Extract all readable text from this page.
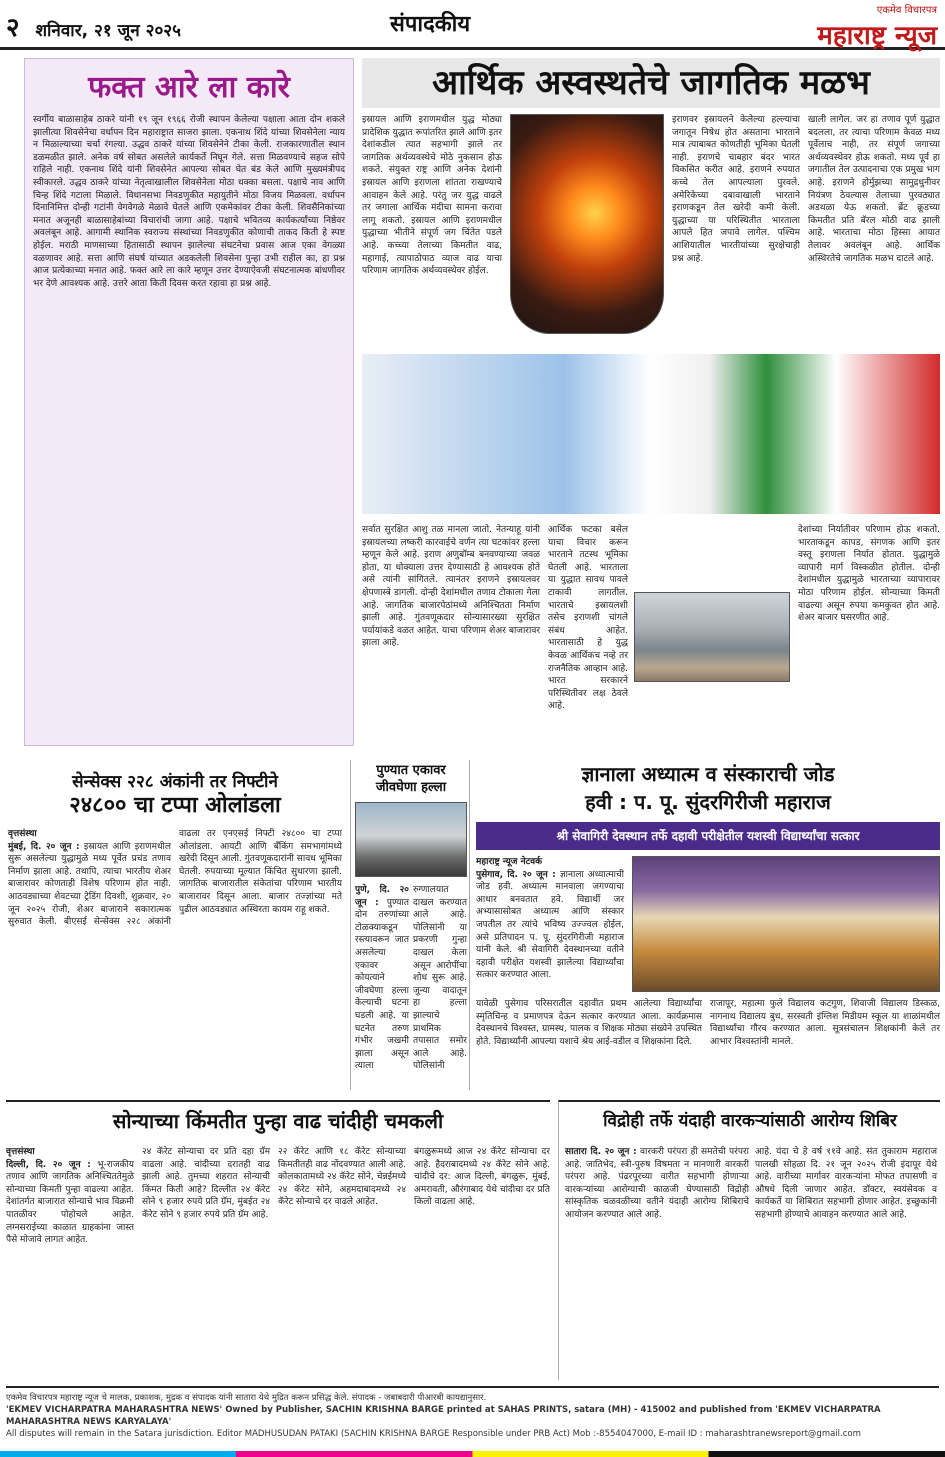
२ शनिवार, २१ जून २०२५	संपादकीय
एकमेव विचारपत्र
महाराष्ट्र न्यूज
फक्त आरे ला कारे
स्वर्गीय बाळासाहेब ठाकरे यांनी १९ जून १९६६ रोजी स्थापन केलेल्या पक्षाला आता दोन शकले झालीत्या शिवसेनेचा वर्धापन दिन महाराष्ट्रात साजरा झाला. एकनाथ शिंदे यांच्या शिवसेनेला न्याय न मिळाल्याच्या चर्चा रंगल्या. उद्धव ठाकरे यांच्या शिवसेनेने टीका केली. राजकारणातील स्थान डळमळीत झाले. अनेक वर्ष सोबत असलेले कार्यकर्ते निघून गेले. सत्ता मिळवण्याचे सहज सोपे राहिले नाही. एकनाथ शिंदे यांनी शिवसेनेत आपल्या सोबत घेत बंड केले आणि मुख्यमंत्रीपद स्वीकारले. उद्धव ठाकरे यांच्या नेतृत्वाखालील शिवसेनेला मोठा धक्का बसला. पक्षाचे नाव आणि चिन्ह शिंदे गटाला मिळाले. विधानसभा निवडणुकीत महायुतीने मोठा विजय मिळवला. वर्धापन दिनानिमित्त दोन्ही गटांनी वेगवेगळे मेळावे घेतले आणि एकमेकांवर टीका केली. शिवसैनिकांच्या मनात अजूनही बाळासाहेबांच्या विचारांची जागा आहे. पक्षाचे भवितव्य कार्यकर्त्यांच्या निष्ठेवर अवलंबून आहे. आगामी स्थानिक स्वराज्य संस्थांच्या निवडणुकीत कोणाची ताकद किती हे स्पष्ट होईल. मराठी माणसाच्या हितासाठी स्थापन झालेल्या संघटनेचा प्रवास आज एका वेगळ्या वळणावर आहे. सत्ता आणि संघर्ष यांच्यात अडकलेली शिवसेना पुन्हा उभी राहील का, हा प्रश्न आज प्रत्येकाच्या मनात आहे. फक्त आरे ला कारे म्हणून उत्तर देण्याऐवजी संघटनात्मक बांधणीवर भर देणे आवश्यक आहे. उत्तरे आता किती दिवस करत रहावा हा प्रश्न आहे.
आर्थिक अस्वस्थतेचे जागतिक मळभ
इस्रायल आणि इराणमधील युद्ध मोठ्या प्रादेशिक युद्धात रूपांतरित झाले आणि इतर देशांकडील त्यात सहभागी झाले तर जागतिक अर्थव्यवस्थेचे मोठे नुकसान होऊ शकते. संयुक्त राष्ट्र आणि अनेक देशांनी इस्रायल आणि इराणला शांतता राखण्याचे आवाहन केले आहे. परंतु जर युद्ध वाढले तर जगाला आर्थिक मंदीचा सामना करावा लागू शकतो. इस्रायल आणि इराणमधील युद्धाच्या भीतीने संपूर्ण जग चिंतेत पडले आहे. कच्च्या तेलाच्या किमतीत वाढ, महागाई, त्यापाठोपाठ व्याज वाढ याचा परिणाम जागतिक अर्थव्यवस्थेवर होईल.
इराणवर इस्रायलने केलेल्या हल्ल्याचा जगातून निषेध होत असताना भारताने मात्र त्याबाबत कोणतीही भूमिका घेतली नाही. इराणचे चाबहार बंदर भारत विकसित करीत आहे. इराणने रुपयात कच्चे तेल आपल्याला पुरवले. अमेरिकेच्या दबावाखाली भारताने इराणकडून तेल खरेदी कमी केली. युद्धाच्या या परिस्थितीत भारताला आपले हित जपावे लागेल. पश्चिम आशियातील भारतीयांच्या सुरक्षेचाही प्रश्न आहे.
खाली लागेल. जर हा तणाव पूर्ण युद्धात बदलला, तर त्याचा परिणाम केवळ मध्य पूर्वेलाच नाही, तर संपूर्ण जगाच्या अर्थव्यवस्थेवर होऊ शकतो. मध्य पूर्व हा जगातील तेल उत्पादनाचा एक प्रमुख भाग आहे. इराणने होर्मुझच्या सामुद्रधुनीवर नियंत्रण ठेवल्यास तेलाच्या पुरवठ्यात अडथळा येऊ शकतो. ब्रेंट क्रूडच्या किमतीत प्रति बॅरल मोठी वाढ झाली आहे. भारताचा मोठा हिस्सा आयात तेलावर अवलंबून आहे. आर्थिक अस्थिरतेचे जागतिक मळभ दाटले आहे.
सर्वात सुरक्षित आशु तळ मानला जातो. नेतन्याहू यांनी इस्रायलच्या लष्करी कारवाईचे वर्णन त्या घटकांवर हल्ला म्हणून केले आहे. इराण अणुबॉम्ब बनवण्याच्या जवळ होता, या धोक्याला उत्तर देण्यासाठी हे आवश्यक होते असे त्यांनी सांगितले. त्यानंतर इराणने इस्रायलवर क्षेपणास्त्रे डागली. दोन्ही देशांमधील तणाव टोकाला गेला आहे. जागतिक बाजारपेठांमध्ये अनिश्चितता निर्माण झाली आहे. गुंतवणूकदार सोन्यासारख्या सुरक्षित पर्यायांकडे वळत आहेत. याचा परिणाम शेअर बाजारावर झाला आहे.
आर्थिक फटका बसेल याचा विचार करून भारताने तटस्थ भूमिका घेतली आहे. भारताला या युद्धात सावध पावले टाकावी लागतील. भारताचे इस्रायलशी तसेच इराणशी चांगले संबंध आहेत. भारतासाठी हे युद्ध केवळ आर्थिकच नव्हे तर राजनैतिक आव्हान आहे. भारत सरकारने परिस्थितीवर लक्ष ठेवले आहे.
देशांच्या निर्यातीवर परिणाम होऊ शकतो. भारताकडून कापड, संगणक आणि इतर वस्तू इराणला निर्यात होतात. युद्धामुळे व्यापारी मार्ग विस्कळीत होतील. दोन्ही देशांमधील युद्धामुळे भारताच्या व्यापारावर मोठा परिणाम होईल. सोन्याच्या किमती वाढल्या असून रुपया कमकुवत होत आहे. शेअर बाजार घसरणीत आहे.
सेन्सेक्स २२८ अंकांनी तर निफ्टीने
२४८०० चा टप्पा ओलांडला
वृत्तसंस्था
मुंबई, दि. २० जून : इस्रायल आणि इराणमधील सुरू असलेल्या युद्धामुळे मध्य पूर्वेत प्रचंड तणाव निर्माण झाला आहे. तथापि, त्याचा भारतीय शेअर बाजारावर कोणताही विशेष परिणाम होत नाही. आठवड्याच्या शेवटच्या ट्रेडिंग दिवशी, शुक्रवार, २० जून २०२५ रोजी, शेअर बाजाराने सकारात्मक सुरुवात केली. बीएसई सेन्सेक्स २२८ अंकांनी वाढला तर एनएसई निफ्टी २४८०० चा टप्पा ओलांडला. आयटी आणि बँकिंग समभागांमध्ये खरेदी दिसून आली. गुंतवणूकदारांनी सावध भूमिका घेतली. रुपयाच्या मूल्यात किंचित सुधारणा झाली. जागतिक बाजारातील संकेतांचा परिणाम भारतीय बाजारावर दिसून आला. बाजार तज्ज्ञांच्या मते पुढील आठवड्यात अस्थिरता कायम राहू शकते.
पुण्यात एकावर
जीवघेणा हल्ला
पुणे, दि. २० जून : पुण्यात दोन तरुणांच्या टोळक्याकडून रस्त्यावरून जात असलेल्या एकावर कोयत्याने जीवघेणा हल्ला केल्याची घटना घडली आहे. या घटनेत तरुण गंभीर जखमी झाला असून त्याला रुग्णालयात दाखल करण्यात आले आहे. पोलिसांनी या प्रकरणी गुन्हा दाखल केला असून आरोपींचा शोध सुरू आहे. जुन्या वादातून हा हल्ला झाल्याचे प्राथमिक तपासात समोर आले आहे. पोलिसांनी
ज्ञानाला अध्यात्म व संस्काराची जोड
हवी : प. पू. सुंदरगिरीजी महाराज
श्री सेवागिरी देवस्थान तर्फे दहावी परीक्षेतील यशस्वी विद्यार्थ्यांचा सत्कार
महाराष्ट्र न्यूज नेटवर्क
पुसेगाव, दि. २० जून : ज्ञानाला अध्यात्माची जोड हवी. अध्यात्म मानवाला जगण्याचा आधार बनवतात हवे. विद्यार्थी जर अभ्यासासोबत अध्यात्म आणि संस्कार जपतील तर त्यांचे भविष्य उज्ज्वल होईल, असे प्रतिपादन प. पू. सुंदरगिरीजी महाराज यांनी केले. श्री सेवागिरी देवस्थानच्या वतीने दहावी परीक्षेत यशस्वी झालेल्या विद्यार्थ्यांचा सत्कार करण्यात आला.
यावेळी पुसेगाव परिसरातील दहावीत प्रथम आलेल्या विद्यार्थ्यांचा स्मृतिचिन्ह व प्रमाणपत्र देऊन सत्कार करण्यात आला. कार्यक्रमास देवस्थानचे विश्वस्त, ग्रामस्थ, पालक व शिक्षक मोठ्या संख्येने उपस्थित होते. विद्यार्थ्यांनी आपल्या यशाचे श्रेय आई-वडील व शिक्षकांना दिले.
राजापूर, महात्मा फुले विद्यालय कटगुण, शिवाजी विद्यालय डिस्कळ, नागनाथ विद्यालय बुध, सरस्वती इंग्लिश मिडीयम स्कूल या शाळांमधील विद्यार्थ्यांचा गौरव करण्यात आला. सूत्रसंचालन शिक्षकांनी केले तर आभार विश्वस्तांनी मानले.
सोन्याच्या किंमतीत पुन्हा वाढ चांदीही चमकली
वृत्तसंस्था
दिल्ली, दि. २० जून : भू-राजकीय तणाव आणि जागतिक अनिश्चिततेमुळे सोन्याच्या किमती पुन्हा वाढल्या आहेत. देशांतर्गत बाजारात सोन्याचे भाव विक्रमी पातळीवर पोहोचले आहेत. लग्नसराईच्या काळात ग्राहकांना जास्त पैसे मोजावे लागत आहेत.
२४ कॅरेट सोन्याचा दर प्रति दहा ग्रॅम वाढला आहे. चांदीच्या दरातही वाढ झाली आहे. तुमच्या शहरात सोन्याची किंमत किती आहे? दिल्लीत २४ कॅरेट सोने ९ हजार रुपये प्रति ग्रॅम, मुंबईत २४ कॅरेट सोने ९ हजार रुपये प्रति ग्रॅम आहे.
२२ कॅरेट आणि १८ कॅरेट सोन्याच्या किमतीतही वाढ नोंदवण्यात आली आहे. कोलकातामध्ये २४ कॅरेट सोने, चेन्नईमध्ये २४ कॅरेट सोने, अहमदाबादमध्ये २४ कॅरेट सोन्याचे दर वाढले आहेत.
बंगळुरूमध्ये आज २४ कॅरेट सोन्याचा दर आहे. हैदराबादमध्ये २४ कॅरेट सोने आहे. चांदीचे दर: आज दिल्ली, बंगळुरू, मुंबई, अमरावती, औरंगाबाद येथे चांदीचा दर प्रति किलो वाढला आहे.
विद्रोही तर्फे यंदाही वारकऱ्यांसाठी आरोग्य शिबिर
सातारा दि. २० जून : वारकरी परंपरा ही समतेची परंपरा आहे. जातिभेद, स्त्री-पुरुष विषमता न मानणारी वारकरी परंपरा आहे. पंढरपूरच्या वारीत सहभागी होणाऱ्या वारकऱ्यांच्या आरोग्याची काळजी घेण्यासाठी विद्रोही सांस्कृतिक चळवळीच्या वतीने यंदाही आरोग्य शिबिराचे आयोजन करण्यात आले आहे.
आहे. यंदा चे हे वर्ष ११वे आहे. संत तुकाराम महाराज पालखी सोहळा दि. २१ जून २०२५ रोजी इंदापूर येथे आहे. वारीच्या मार्गावर वारकऱ्यांना मोफत तपासणी व औषधे दिली जाणार आहेत. डॉक्टर, स्वयंसेवक व कार्यकर्ते या शिबिरात सहभागी होणार आहेत. इच्छुकांनी सहभागी होण्याचे आवाहन करण्यात आले आहे.
एकमेव विचारपत्र महाराष्ट्र न्यूज चे मालक, प्रकाशक, मुद्रक व संपादक यांनी सातारा येथे मुद्रित करून प्रसिद्ध केले. संपादक - जबाबदारी पीआरबी कायद्यानुसार.
'EKMEV VICHARPATRA MAHARASHTRA NEWS' Owned by Publisher, SACHIN KRISHNA BARGE printed at SAHAS PRINTS, satara (MH) - 415002 and published from 'EKMEV VICHARPATRA MAHARASHTRA NEWS KARYALAYA'
All disputes will remain in the Satara jurisdiction. Editor MADHUSUDAN PATAKI (SACHIN KRISHNA BARGE Responsible under PRB Act) Mob :-8554047000, E-mail ID : maharashtranewsreport@gmail.com
